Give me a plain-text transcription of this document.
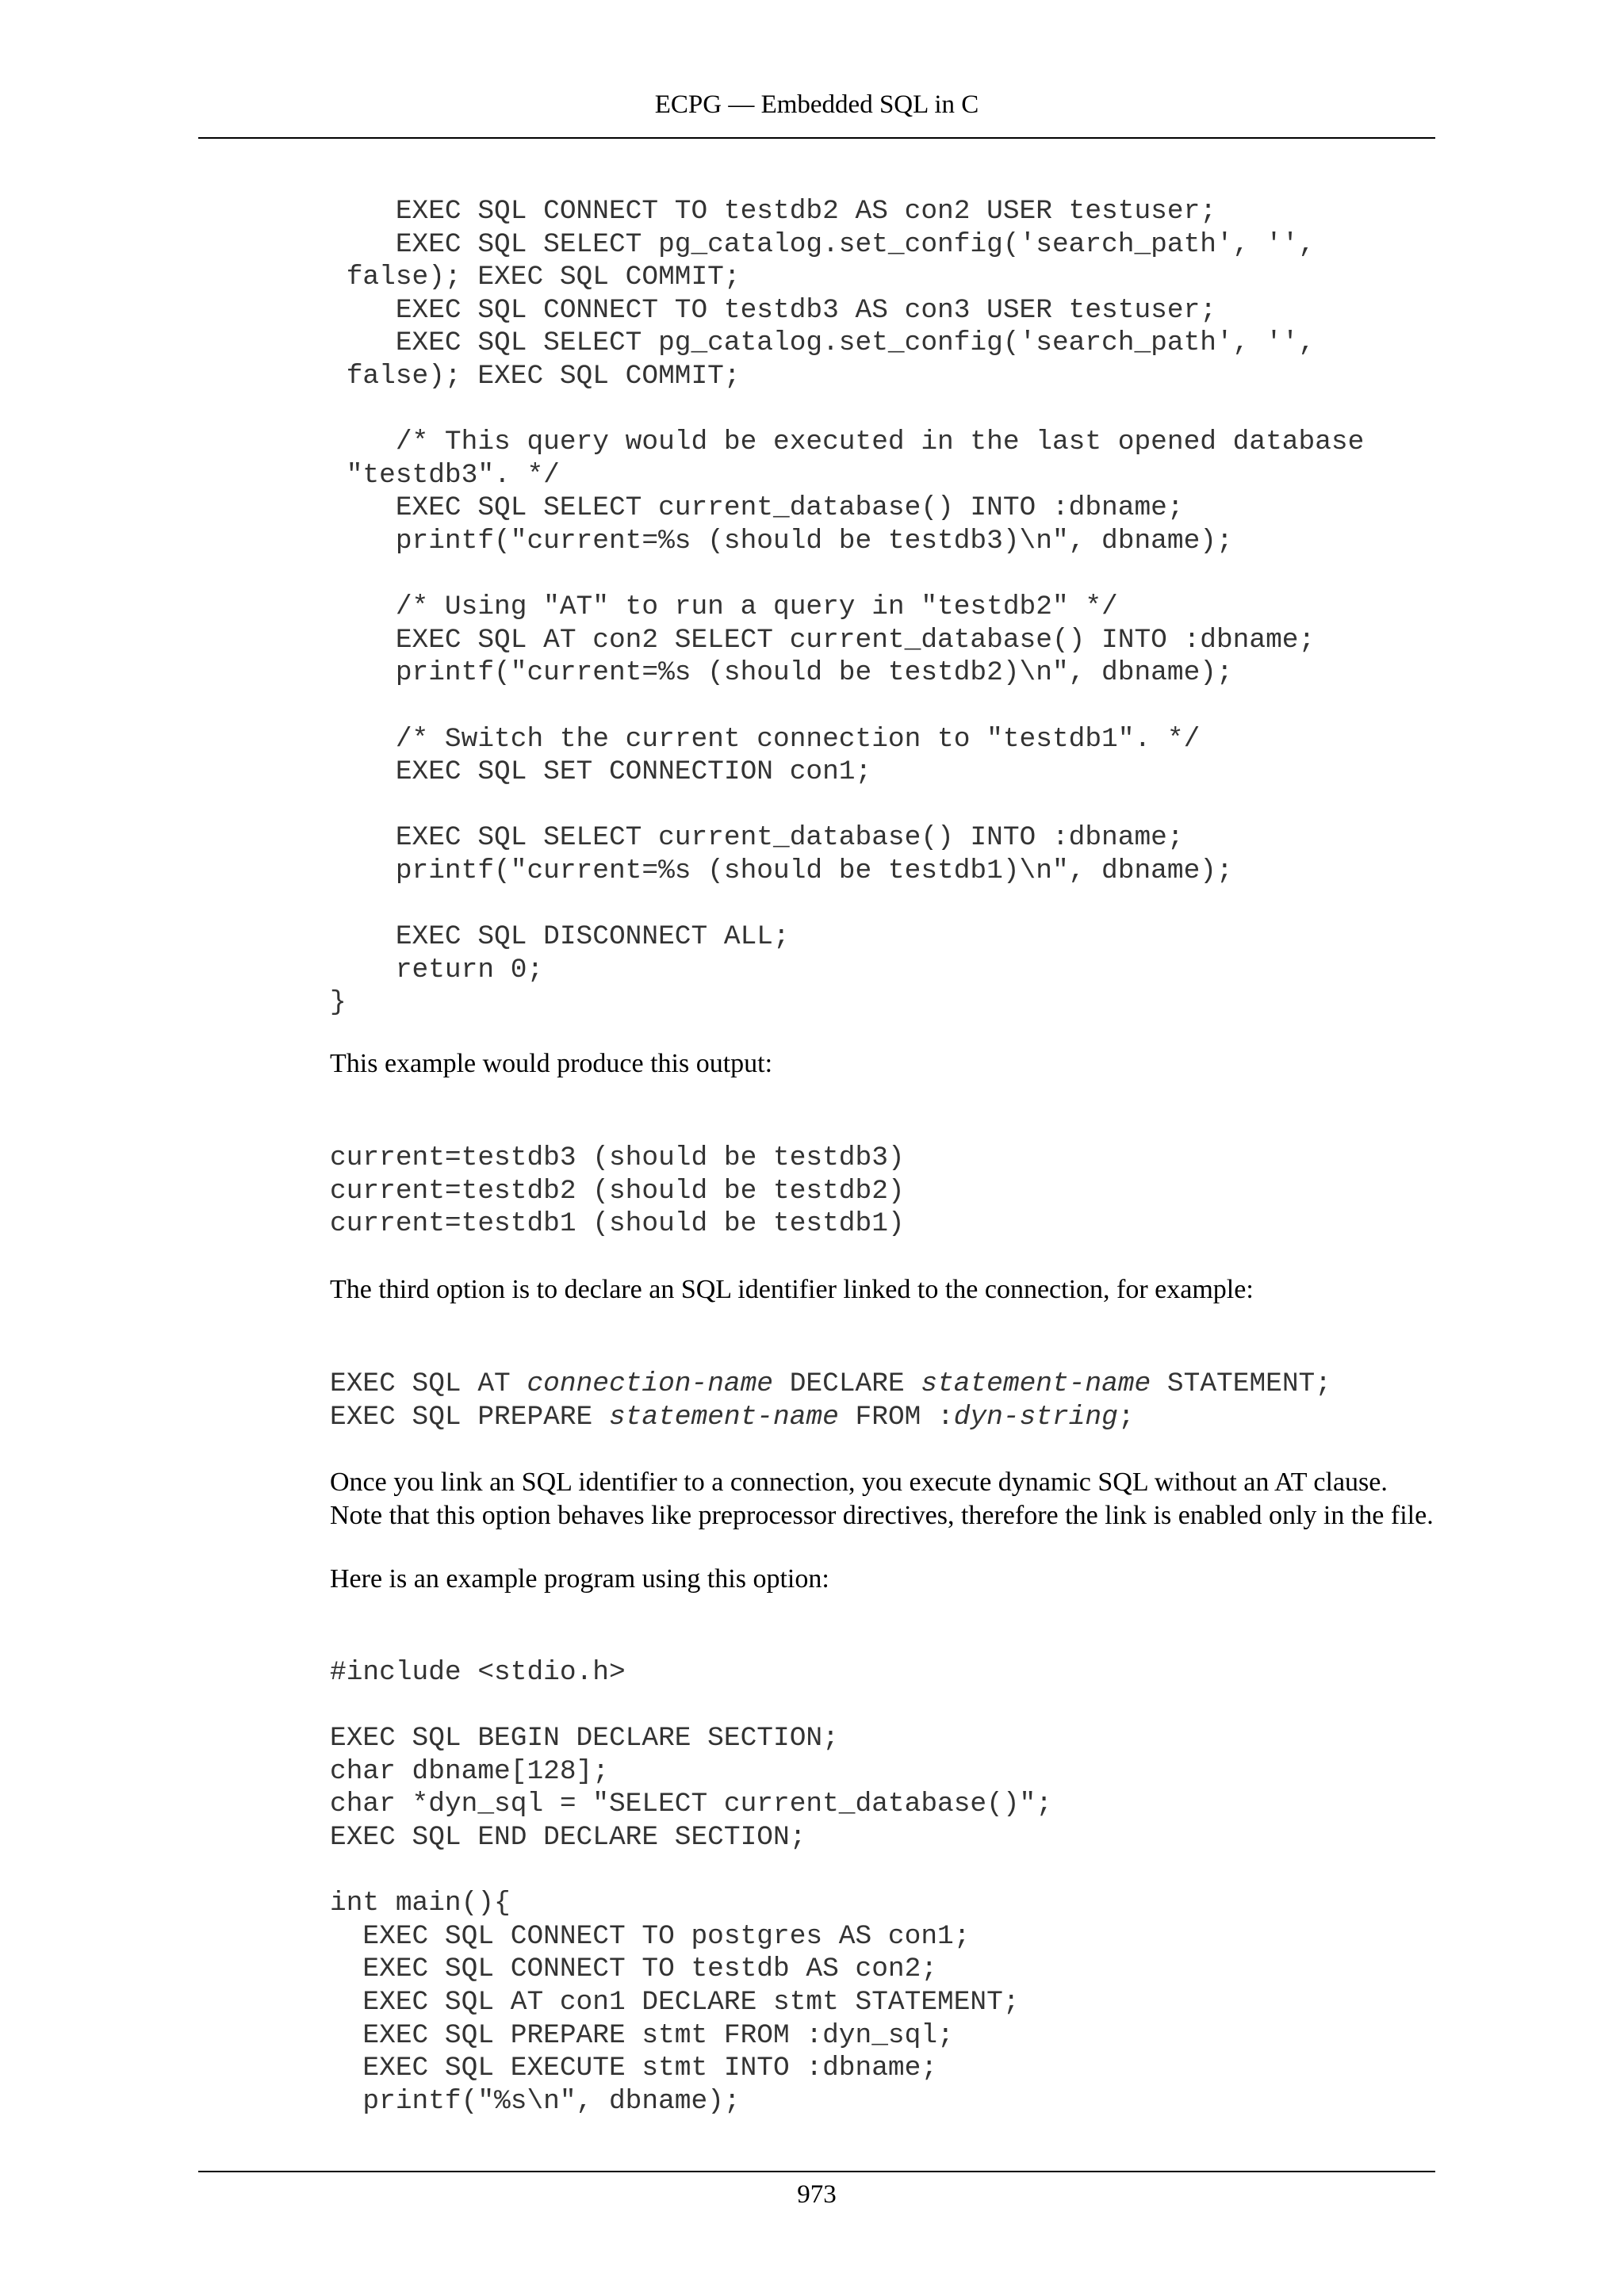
ECPG — Embedded SQL in C
EXEC SQL CONNECT TO testdb2 AS con2 USER testuser;
EXEC SQL SELECT pg_catalog.set_config('search_path', '',
false); EXEC SQL COMMIT;
EXEC SQL CONNECT TO testdb3 AS con3 USER testuser;
EXEC SQL SELECT pg_catalog.set_config('search_path', '',
false); EXEC SQL COMMIT;
/* This query would be executed in the last opened database
"testdb3". */
EXEC SQL SELECT current_database() INTO :dbname;
printf("current=%s (should be testdb3)\n", dbname);
/* Using "AT" to run a query in "testdb2" */
EXEC SQL AT con2 SELECT current_database() INTO :dbname;
printf("current=%s (should be testdb2)\n", dbname);
/* Switch the current connection to "testdb1". */
EXEC SQL SET CONNECTION con1;
EXEC SQL SELECT current_database() INTO :dbname;
printf("current=%s (should be testdb1)\n", dbname);
EXEC SQL DISCONNECT ALL;
return 0;
}

This example would produce this output:

current=testdb3 (should be testdb3)
current=testdb2 (should be testdb2)
current=testdb1 (should be testdb1)

The third option is to declare an SQL identifier linked to the connection, for example:

EXEC SQL AT connection-name DECLARE statement-name STATEMENT;
EXEC SQL PREPARE statement-name FROM :dyn-string;

Once you link an SQL identifier to a connection, you execute dynamic SQL without an AT clause.
Note that this option behaves like preprocessor directives, therefore the link is enabled only in the file.

Here is an example program using this option:

#include <stdio.h>
EXEC SQL BEGIN DECLARE SECTION;
char dbname[128];
char *dyn_sql = "SELECT current_database()";
EXEC SQL END DECLARE SECTION;
int main(){
EXEC SQL CONNECT TO postgres AS con1;
EXEC SQL CONNECT TO testdb AS con2;
EXEC SQL AT con1 DECLARE stmt STATEMENT;
EXEC SQL PREPARE stmt FROM :dyn_sql;
EXEC SQL EXECUTE stmt INTO :dbname;
printf("%s\n", dbname);
973
